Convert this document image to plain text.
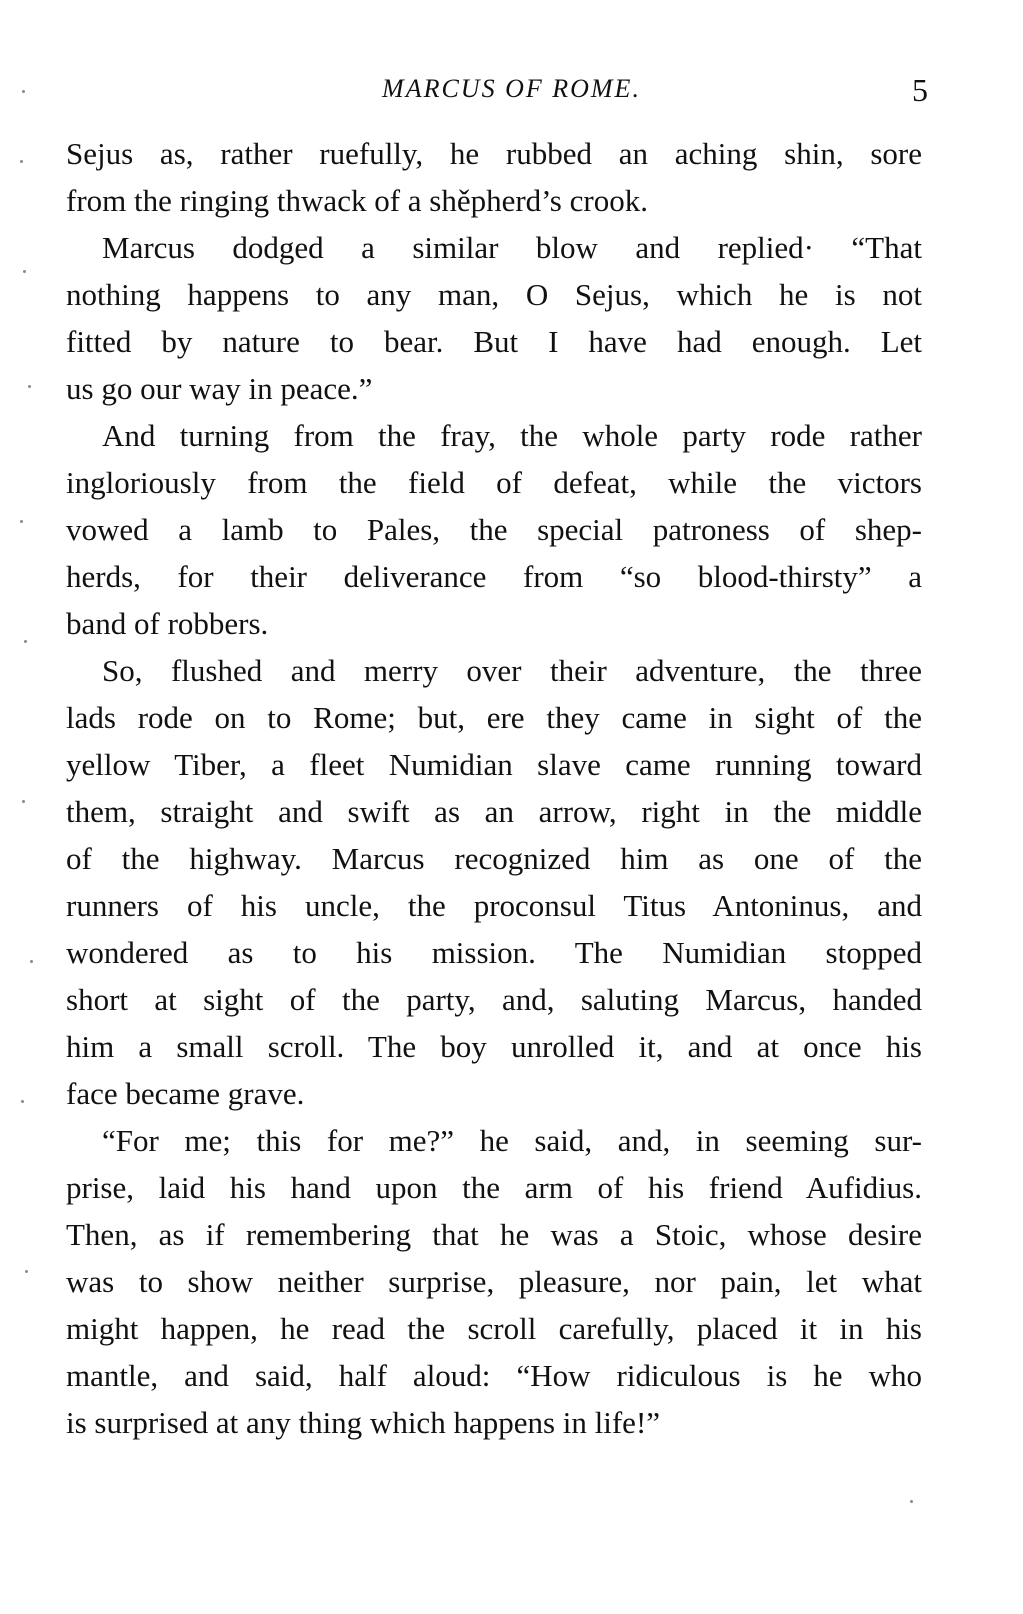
MARCUS OF ROME.	5
Sejus as, rather ruefully, he rubbed an aching shin, sore
from the ringing thwack of a shěpherd’s crook.
Marcus dodged a similar blow and replied· “That
nothing happens to any man, O Sejus, which he is not
fitted by nature to bear. But I have had enough. Let
us go our way in peace.”
And turning from the fray, the whole party rode rather
ingloriously from the field of defeat, while the victors
vowed a lamb to Pales, the special patroness of shep-
herds, for their deliverance from “so blood-thirsty” a
band of robbers.
So, flushed and merry over their adventure, the three
lads rode on to Rome; but, ere they came in sight of the
yellow Tiber, a fleet Numidian slave came running toward
them, straight and swift as an arrow, right in the middle
of the highway. Marcus recognized him as one of the
runners of his uncle, the proconsul Titus Antoninus, and
wondered as to his mission. The Numidian stopped
short at sight of the party, and, saluting Marcus, handed
him a small scroll. The boy unrolled it, and at once his
face became grave.
“For me; this for me?” he said, and, in seeming sur-
prise, laid his hand upon the arm of his friend Aufidius.
Then, as if remembering that he was a Stoic, whose desire
was to show neither surprise, pleasure, nor pain, let what
might happen, he read the scroll carefully, placed it in his
mantle, and said, half aloud: “How ridiculous is he who
is surprised at any thing which happens in life!”
